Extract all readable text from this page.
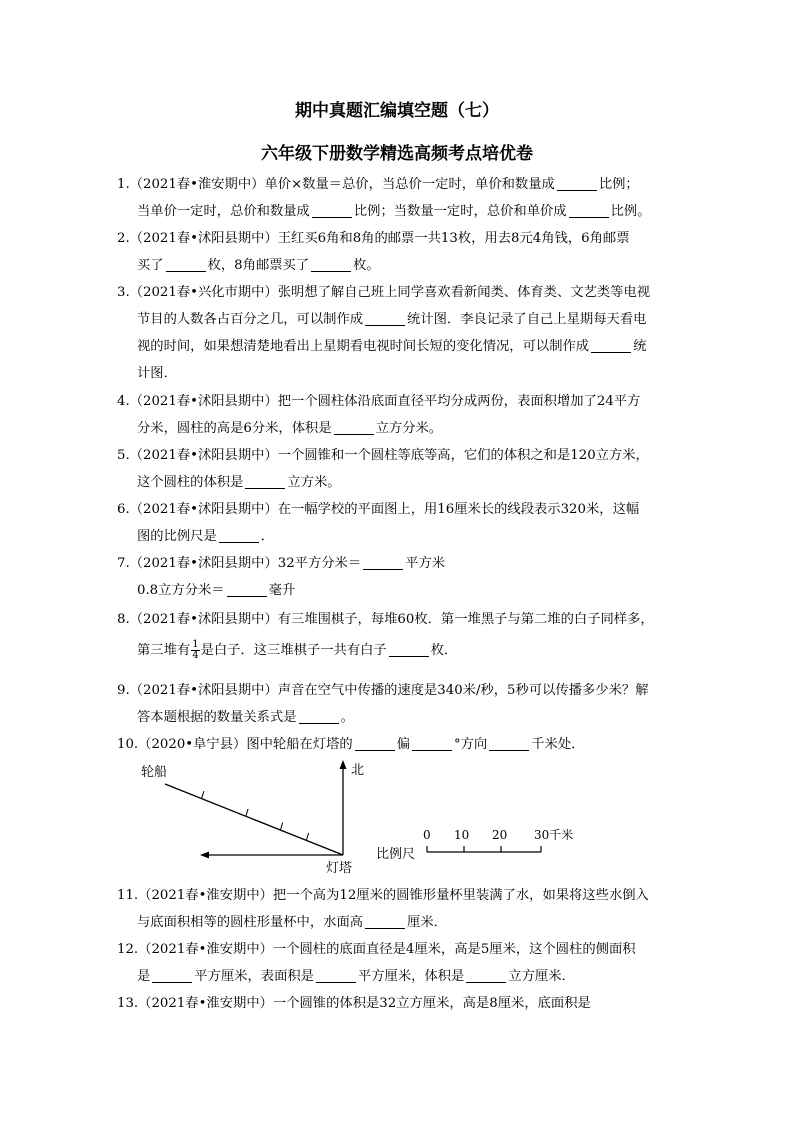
期中真题汇编填空题（七）
六年级下册数学精选高频考点培优卷
1.（2021春•淮安期中）单价×数量＝总价，当总价一定时，单价和数量成	比例；
当单价一定时，总价和数量成	比例；当数量一定时，总价和单价成	比例。
2.（2021春•沭阳县期中）王红买6角和8角的邮票一共13枚，用去8元4角钱，6角邮票
买了	枚，8角邮票买了	枚。
3.（2021春•兴化市期中）张明想了解自己班上同学喜欢看新闻类、体育类、文艺类等电视
节目的人数各占百分之几，可以制作成	统计图．李良记录了自己上星期每天看电
视的时间，如果想清楚地看出上星期看电视时间长短的变化情况，可以制作成	统
计图．
4.（2021春•沭阳县期中）把一个圆柱体沿底面直径平均分成两份，表面积增加了24平方
分米，圆柱的高是6分米，体积是	立方分米。
5.（2021春•沭阳县期中）一个圆锥和一个圆柱等底等高，它们的体积之和是120立方米，
这个圆柱的体积是	立方米。
6.（2021春•沭阳县期中）在一幅学校的平面图上，用16厘米长的线段表示320米，这幅
图的比例尺是	．
7.（2021春•沭阳县期中）32平方分米＝	平方米
0.8立方分米＝	毫升
8.（2021春•沭阳县期中）有三堆围棋子，每堆60枚．第一堆黑子与第二堆的白子同样多，
第三堆有 $\frac{1}{4}$ 是白子．这三堆棋子一共有白子	枚．
9.（2021春•沭阳县期中）声音在空气中传播的速度是340米/秒，5秒可以传播多少米？解
答本题根据的数量关系式是	。
10.（2020•阜宁县）图中轮船在灯塔的	偏	°方向	千米处．
轮船	北
灯塔
比例尺
0 10 20 30千米
11.（2021春•淮安期中）把一个高为12厘米的圆锥形量杯里装满了水，如果将这些水倒入
与底面积相等的圆柱形量杯中，水面高	厘米．
12.（2021春•淮安期中）一个圆柱的底面直径是4厘米，高是5厘米，这个圆柱的侧面积
是	平方厘米，表面积是	平方厘米，体积是	立方厘米．
13.（2021春•淮安期中）一个圆锥的体积是32立方厘米，高是8厘米，底面积是
